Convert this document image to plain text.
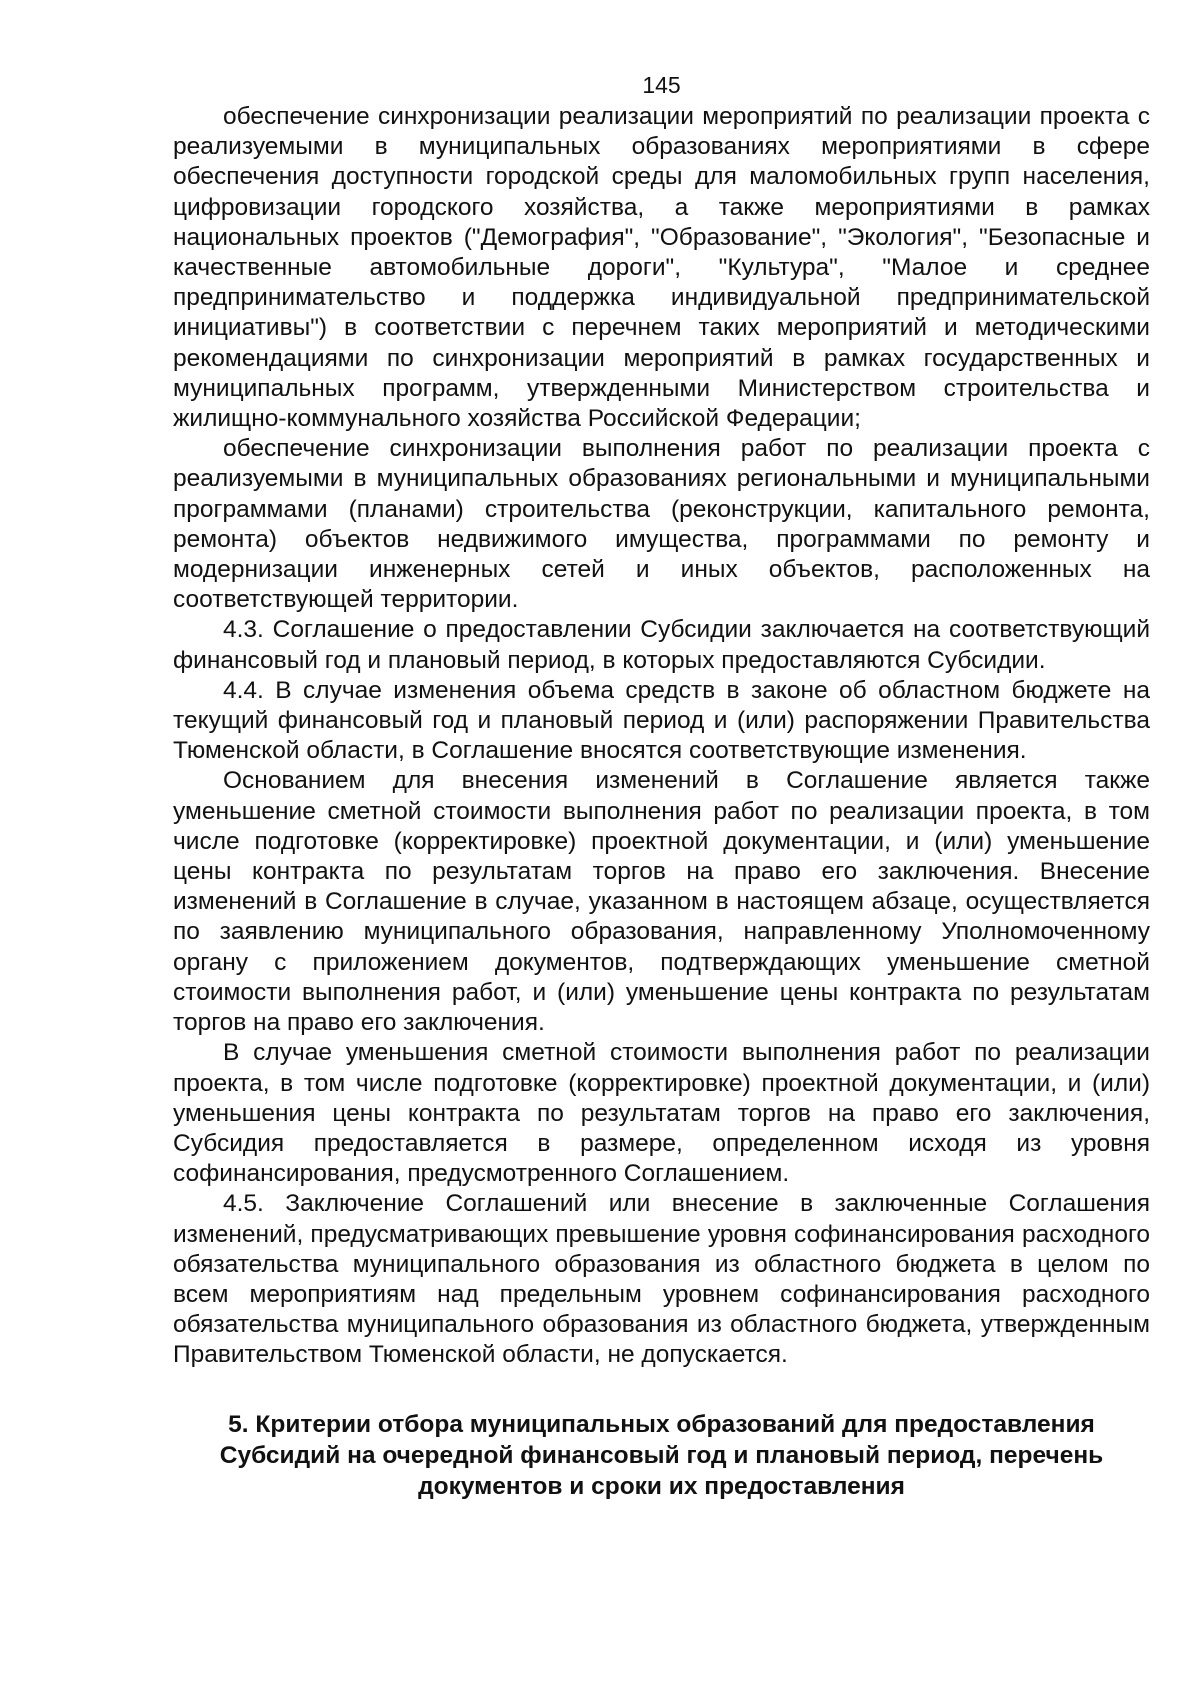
145

обеспечение синхронизации реализации мероприятий по реализации проекта с реализуемыми в муниципальных образованиях мероприятиями в сфере обеспечения доступности городской среды для маломобильных групп населения, цифровизации городского хозяйства, а также мероприятиями в рамках национальных проектов ("Демография", "Образование", "Экология", "Безопасные и качественные автомобильные дороги", "Культура", "Малое и среднее предпринимательство и поддержка индивидуальной предпринимательской инициативы") в соответствии с перечнем таких мероприятий и методическими рекомендациями по синхронизации мероприятий в рамках государственных и муниципальных программ, утвержденными Министерством строительства и жилищно-коммунального хозяйства Российской Федерации;

обеспечение синхронизации выполнения работ по реализации проекта с реализуемыми в муниципальных образованиях региональными и муниципальными программами (планами) строительства (реконструкции, капитального ремонта, ремонта) объектов недвижимого имущества, программами по ремонту и модернизации инженерных сетей и иных объектов, расположенных на соответствующей территории.

4.3. Соглашение о предоставлении Субсидии заключается на соответствующий финансовый год и плановый период, в которых предоставляются Субсидии.

4.4. В случае изменения объема средств в законе об областном бюджете на текущий финансовый год и плановый период и (или) распоряжении Правительства Тюменской области, в Соглашение вносятся соответствующие изменения.

Основанием для внесения изменений в Соглашение является также уменьшение сметной стоимости выполнения работ по реализации проекта, в том числе подготовке (корректировке) проектной документации, и (или) уменьшение цены контракта по результатам торгов на право его заключения. Внесение изменений в Соглашение в случае, указанном в настоящем абзаце, осуществляется по заявлению муниципального образования, направленному Уполномоченному органу с приложением документов, подтверждающих уменьшение сметной стоимости выполнения работ, и (или) уменьшение цены контракта по результатам торгов на право его заключения.

В случае уменьшения сметной стоимости выполнения работ по реализации проекта, в том числе подготовке (корректировке) проектной документации, и (или) уменьшения цены контракта по результатам торгов на право его заключения, Субсидия предоставляется в размере, определенном исходя из уровня софинансирования, предусмотренного Соглашением.

4.5. Заключение Соглашений или внесение в заключенные Соглашения изменений, предусматривающих превышение уровня софинансирования расходного обязательства муниципального образования из областного бюджета в целом по всем мероприятиям над предельным уровнем софинансирования расходного обязательства муниципального образования из областного бюджета, утвержденным Правительством Тюменской области, не допускается.

5. Критерии отбора муниципальных образований для предоставления Субсидий на очередной финансовый год и плановый период, перечень документов и сроки их предоставления
